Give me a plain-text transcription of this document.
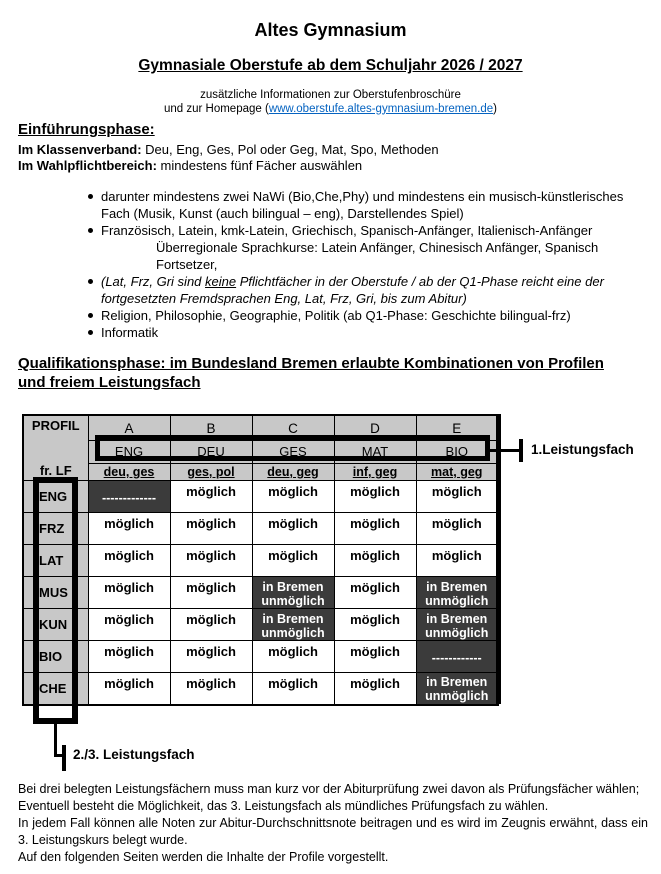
Altes Gymnasium
Gymnasiale Oberstufe ab dem Schuljahr 2026 / 2027
zusätzliche Informationen zur Oberstufenbroschüre
und zur Homepage (www.oberstufe.altes-gymnasium-bremen.de)
Einführungsphase:
Im Klassenverband: Deu, Eng, Ges, Pol oder Geg, Mat, Spo, Methoden
Im Wahlpflichtbereich: mindestens fünf Fächer auswählen
darunter mindestens zwei NaWi (Bio,Che,Phy) und mindestens ein musisch-künstlerisches Fach (Musik, Kunst (auch bilingual – eng), Darstellendes Spiel)
Französisch, Latein, kmk-Latein, Griechisch, Spanisch-Anfänger, Italienisch-Anfänger
Überregionale Sprachkurse: Latein Anfänger, Chinesisch Anfänger, Spanisch Fortsetzer,
(Lat, Frz, Gri sind keine Pflichtfächer in der Oberstufe / ab der Q1-Phase reicht eine der
fortgesetzten Fremdsprachen Eng, Lat, Frz, Gri, bis zum Abitur)
Religion, Philosophie, Geographie, Politik (ab Q1-Phase: Geschichte bilingual-frz)
Informatik
Qualifikationsphase: im Bundesland Bremen erlaubte Kombinationen von Profilen
und freiem Leistungsfach
PROFIL
fr. LF	A	B	C	D	E
	ENG	DEU	GES	MAT	BIO
	deu, ges	ges, pol	deu, geg	inf, geg	mat, geg
ENG	-------------	möglich	möglich	möglich	möglich
FRZ	möglich	möglich	möglich	möglich	möglich
LAT	möglich	möglich	möglich	möglich	möglich
MUS	möglich	möglich	in Bremen unmöglich	möglich	in Bremen unmöglich
KUN	möglich	möglich	in Bremen unmöglich	möglich	in Bremen unmöglich
BIO	möglich	möglich	möglich	möglich	------------
CHE	möglich	möglich	möglich	möglich	in Bremen unmöglich
1.Leistungsfach
2./3. Leistungsfach
Bei drei belegten Leistungsfächern muss man kurz vor der Abiturprüfung zwei davon als Prüfungsfächer wählen;
Eventuell besteht die Möglichkeit, das 3. Leistungsfach als mündliches Prüfungsfach zu wählen.
In jedem Fall können alle Noten zur Abitur-Durchschnittsnote beitragen und es wird im Zeugnis erwähnt, dass ein 3. Leistungskurs belegt wurde.
Auf den folgenden Seiten werden die Inhalte der Profile vorgestellt.
